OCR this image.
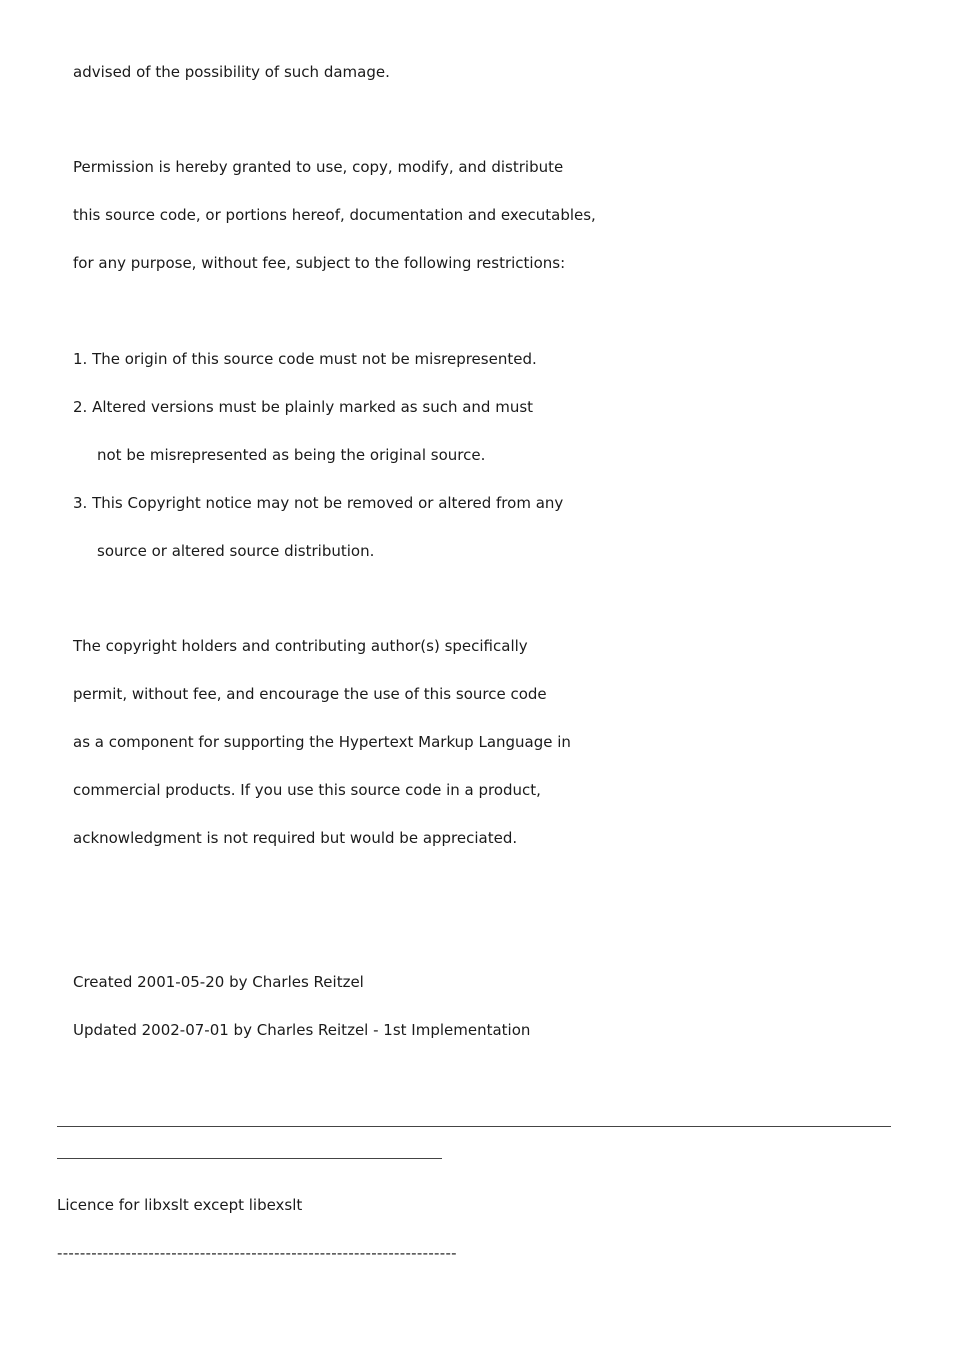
advised of the possibility of such damage.
Permission is hereby granted to use, copy, modify, and distribute
this source code, or portions hereof, documentation and executables,
for any purpose, without fee, subject to the following restrictions:
1. The origin of this source code must not be misrepresented.
2. Altered versions must be plainly marked as such and must
not be misrepresented as being the original source.
3. This Copyright notice may not be removed or altered from any
source or altered source distribution.
The copyright holders and contributing author(s) specifically
permit, without fee, and encourage the use of this source code
as a component for supporting the Hypertext Markup Language in
commercial products. If you use this source code in a product,
acknowledgment is not required but would be appreciated.
Created 2001-05-20 by Charles Reitzel
Updated 2002-07-01 by Charles Reitzel - 1st Implementation
Licence for libxslt except libexslt
----------------------------------------------------------------------
